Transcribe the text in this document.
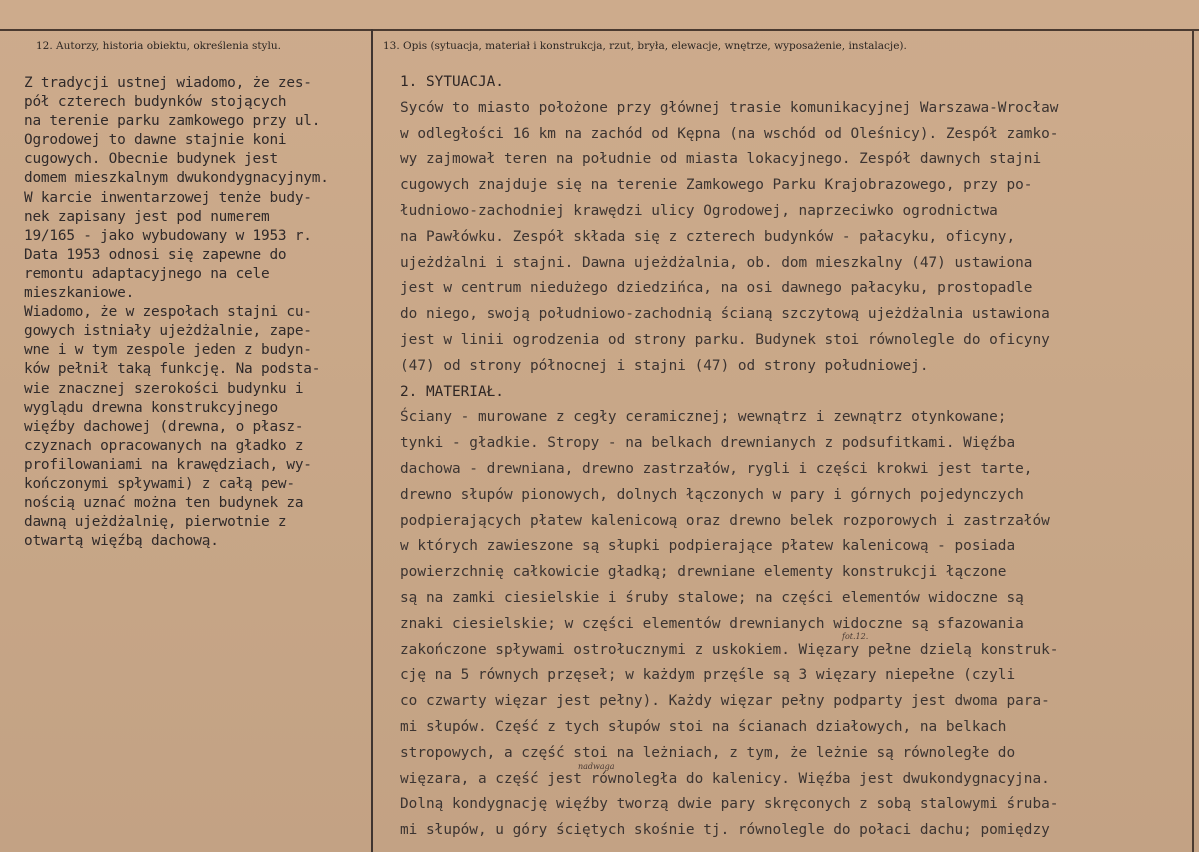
12. Autorzy, historia obiektu, określenia stylu.	13. Opis (sytuacja, materiał i konstrukcja, rzut, bryła, elewacje, wnętrze, wyposażenie, instalacje).
Z tradycji ustnej wiadomo, że zes-
pół czterech budynków stojących
na terenie parku zamkowego przy ul.
Ogrodowej to dawne stajnie koni
cugowych. Obecnie budynek jest
domem mieszkalnym dwukondygnacyjnym.
W karcie inwentarzowej tenże budy-
nek zapisany jest pod numerem
19/165 - jako wybudowany w 1953 r.
Data 1953 odnosi się zapewne do
remontu adaptacyjnego na cele
mieszkaniowe.
Wiadomo, że w zespołach stajni cu-
gowych istniały ujeżdżalnie, zape-
wne i w tym zespole jeden z budyn-
ków pełnił taką funkcję. Na podsta-
wie znacznej szerokości budynku i
wyglądu drewna konstrukcyjnego
więźby dachowej (drewna, o płasz-
czyznach opracowanych na gładko z
profilowaniami na krawędziach, wy-
kończonymi spływami) z całą pew-
nością uznać można ten budynek za
dawną ujeżdżalnię, pierwotnie z
otwartą więźbą dachową.
1. SYTUACJA.
Syców to miasto położone przy głównej trasie komunikacyjnej Warszawa-Wrocław
w odległości 16 km na zachód od Kępna (na wschód od Oleśnicy). Zespół zamko-
wy zajmował teren na południe od miasta lokacyjnego. Zespół dawnych stajni
cugowych znajduje się na terenie Zamkowego Parku Krajobrazowego, przy po-
łudniowo-zachodniej krawędzi ulicy Ogrodowej, naprzeciwko ogrodnictwa
na Pawłówku. Zespół składa się z czterech budynków - pałacyku, oficyny,
ujeżdżalni i stajni. Dawna ujeżdżalnia, ob. dom mieszkalny (47) ustawiona
jest w centrum niedużego dziedzińca, na osi dawnego pałacyku, prostopadle
do niego, swoją południowo-zachodnią ścianą szczytową ujeżdżalnia ustawiona
jest w linii ogrodzenia od strony parku. Budynek stoi równolegle do oficyny
(47) od strony północnej i stajni (47) od strony południowej.
2. MATERIAŁ.
Ściany - murowane z cegły ceramicznej; wewnątrz i zewnątrz otynkowane;
tynki - gładkie. Stropy - na belkach drewnianych z podsufitkami. Więźba
dachowa - drewniana, drewno zastrzałów, rygli i części krokwi jest tarte,
drewno słupów pionowych, dolnych łączonych w pary i górnych pojedynczych
podpierających płatew kalenicową oraz drewno belek rozporowych i zastrzałów
w których zawieszone są słupki podpierające płatew kalenicową - posiada
powierzchnię całkowicie gładką; drewniane elementy konstrukcji łączone
są na zamki ciesielskie i śruby stalowe; na części elementów widoczne są
znaki ciesielskie; w części elementów drewnianych widoczne są sfazowania
zakończone spływami ostrołucznymi z uskokiem. Więzary pełne dzielą konstruk-
cję na 5 równych przęseł; w każdym przęśle są 3 więzary niepełne (czyli
co czwarty więzar jest pełny). Każdy więzar pełny podparty jest dwoma para-
mi słupów. Część z tych słupów stoi na ścianach działowych, na belkach
stropowych, a część stoi na leżniach, z tym, że leżnie są równoległe do
więzara, a część jest równoległa do kalenicy. Więźba jest dwukondygnacyjna.
Dolną kondygnację więźby tworzą dwie pary skręconych z sobą stalowymi śruba-
mi słupów, u góry ściętych skośnie tj. równolegle do połaci dachu; pomiędzy
fot.12.
nadwaga
